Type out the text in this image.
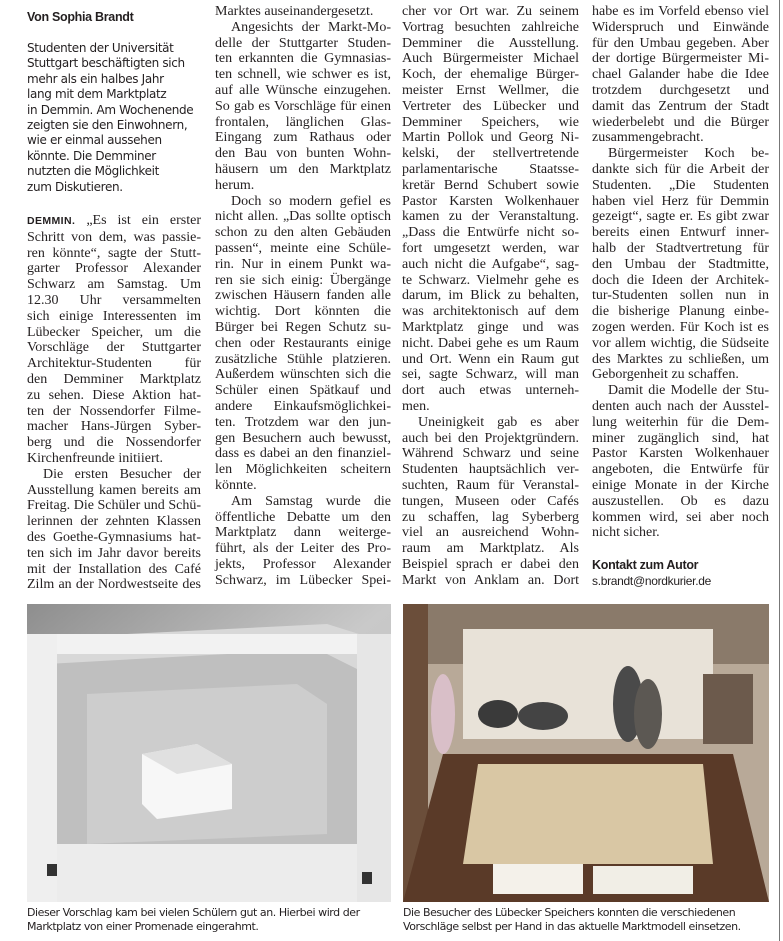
Von Sophia Brandt
Studenten der Universität
Stuttgart beschäftigten sich
mehr als ein halbes Jahr
lang mit dem Marktplatz
in Demmin. Am Wochenende
zeigten sie den Einwohnern,
wie er einmal aussehen
könnte. Die Demminer
nutzten die Möglichkeit
zum Diskutieren.
DEMMIN. „Es ist ein erster
Schritt von dem, was passie-
ren könnte“, sagte der Stutt-
garter Professor Alexander
Schwarz am Samstag. Um
12.30 Uhr versammelten
sich einige Interessenten im
Lübecker Speicher, um die
Vorschläge der Stuttgarter
Architektur-Studenten für
den Demminer Marktplatz
zu sehen. Diese Aktion hat-
ten der Nossendorfer Filme-
macher Hans-Jürgen Syber-
berg und die Nossendorfer
Kirchenfreunde initiiert.
Die ersten Besucher der
Ausstellung kamen bereits am
Freitag. Die Schüler und Schü-
lerinnen der zehnten Klassen
des Goethe-Gymnasiums hat-
ten sich im Jahr davor bereits
mit der Installation des Café
Zilm an der Nordwestseite des
Marktes auseinandergesetzt.
Angesichts der Markt-Mo-
delle der Stuttgarter Studen-
ten erkannten die Gymnasias-
ten schnell, wie schwer es ist,
auf alle Wünsche einzugehen.
So gab es Vorschläge für einen
frontalen, länglichen Glas-
Eingang zum Rathaus oder
den Bau von bunten Wohn-
häusern um den Marktplatz
herum.
Doch so modern gefiel es
nicht allen. „Das sollte optisch
schon zu den alten Gebäuden
passen“, meinte eine Schüle-
rin. Nur in einem Punkt wa-
ren sie sich einig: Übergänge
zwischen Häusern fanden alle
wichtig. Dort könnten die
Bürger bei Regen Schutz su-
chen oder Restaurants einige
zusätzliche Stühle platzieren.
Außerdem wünschten sich die
Schüler einen Spätkauf und
andere Einkaufsmöglichkei-
ten. Trotzdem war den jun-
gen Besuchern auch bewusst,
dass es dabei an den finanziel-
len Möglichkeiten scheitern
könnte.
Am Samstag wurde die
öffentliche Debatte um den
Marktplatz dann weiterge-
führt, als der Leiter des Pro-
jekts, Professor Alexander
Schwarz, im Lübecker Spei-
cher vor Ort war. Zu seinem
Vortrag besuchten zahlreiche
Demminer die Ausstellung.
Auch Bürgermeister Michael
Koch, der ehemalige Bürger-
meister Ernst Wellmer, die
Vertreter des Lübecker und
Demminer Speichers, wie
Martin Pollok und Georg Ni-
kelski, der stellvertretende
parlamentarische Staatsse-
kretär Bernd Schubert sowie
Pastor Karsten Wolkenhauer
kamen zu der Veranstaltung.
„Dass die Entwürfe nicht so-
fort umgesetzt werden, war
auch nicht die Aufgabe“, sag-
te Schwarz. Vielmehr gehe es
darum, im Blick zu behalten,
was architektonisch auf dem
Marktplatz ginge und was
nicht. Dabei gehe es um Raum
und Ort. Wenn ein Raum gut
sei, sagte Schwarz, will man
dort auch etwas unterneh-
men.
Uneinigkeit gab es aber
auch bei den Projektgründern.
Während Schwarz und seine
Studenten hauptsächlich ver-
suchten, Raum für Veranstal-
tungen, Museen oder Cafés
zu schaffen, lag Syberberg
viel an ausreichend Wohn-
raum am Marktplatz. Als
Beispiel sprach er dabei den
Markt von Anklam an. Dort
habe es im Vorfeld ebenso viel
Widerspruch und Einwände
für den Umbau gegeben. Aber
der dortige Bürgermeister Mi-
chael Galander habe die Idee
trotzdem durchgesetzt und
damit das Zentrum der Stadt
wiederbelebt und die Bürger
zusammengebracht.
Bürgermeister Koch be-
dankte sich für die Arbeit der
Studenten. „Die Studenten
haben viel Herz für Demmin
gezeigt“, sagte er. Es gibt zwar
bereits einen Entwurf inner-
halb der Stadtvertretung für
den Umbau der Stadtmitte,
doch die Ideen der Architek-
tur-Studenten sollen nun in
die bisherige Planung einbe-
zogen werden. Für Koch ist es
vor allem wichtig, die Südseite
des Marktes zu schließen, um
Geborgenheit zu schaffen.
Damit die Modelle der Stu-
denten auch nach der Ausstel-
lung weiterhin für die Dem-
miner zugänglich sind, hat
Pastor Karsten Wolkenhauer
angeboten, die Entwürfe für
einige Monate in der Kirche
auszustellen. Ob es dazu
kommen wird, sei aber noch
nicht sicher.
Kontakt zum Autor
s.brandt@nordkurier.de
Dieser Vorschlag kam bei vielen Schülern gut an. Hierbei wird der
Marktplatz von einer Promenade eingerahmt.
Die Besucher des Lübecker Speichers konnten die verschiedenen
Vorschläge selbst per Hand in das aktuelle Marktmodell einsetzen.
